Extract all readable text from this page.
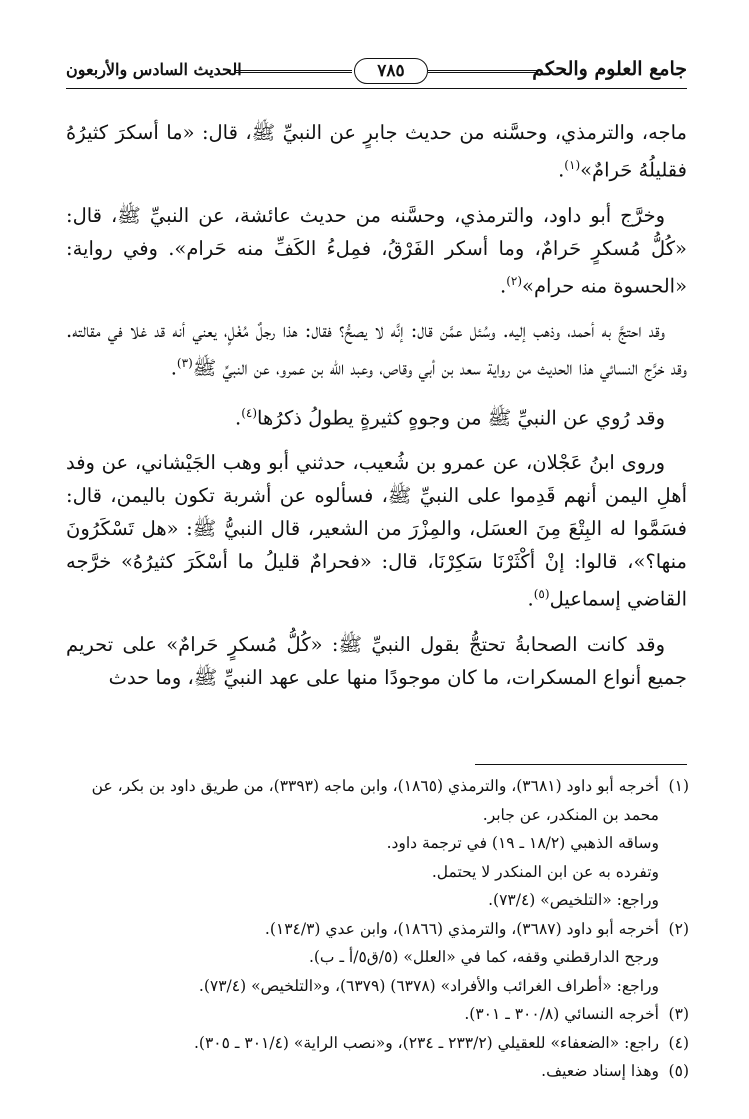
جامع العلوم والحكم
٧٨٥
الحديث السادس والأربعون

ماجه، والترمذي، وحسَّنه من حديث جابرٍ عن النبيِّ ﷺ، قال: «ما أسكرَ كثيرُهُ فقليلُهُ حَرامٌ»$^{(١)}$.

وخرَّج أبو داود، والترمذي، وحسَّنه من حديث عائشة، عن النبيِّ ﷺ، قال: «كُلُّ مُسكرٍ حَرامٌ، وما أسكر الفَرْقُ، فمِلءُ الكَفِّ منه حَرام». وفي رواية: «الحسوة منه حرام»$^{(٢)}$.

وقد احتجَّ به أحمد، وذهب إليه. وسُئل عمَّن قال: إنَّه لا يصحُّ؟ فقال: هذا رجلٌ مُغْلٍ، يعني أنه قد غلا في مقالته. وقد خرَّج النسائي هذا الحديث من رواية سعد بن أبي وقاص، وعبد الله بن عمرو، عن النبيِّ ﷺ$^{(٣)}$.

وقد رُوي عن النبيِّ ﷺ من وجوهٍ كثيرةٍ يطولُ ذكرُها$^{(٤)}$.

وروى ابنُ عَجْلان، عن عمرو بن شُعيب، حدثني أبو وهب الجَيْشاني، عن وفد أهلِ اليمن أنهم قَدِموا على النبيِّ ﷺ، فسألوه عن أشربة تكون باليمن، قال: فسَمَّوا له البِتْعَ مِنَ العسَل، والمِزْرَ من الشعير، قال النبيُّ ﷺ: «هل تَسْكَرُونَ منها؟»، قالوا: إنْ أكْثَرْنَا سَكِرْنَا، قال: «فحرامٌ قليلُ ما أسْكَرَ كثيرُهُ» خرَّجه القاضي إسماعيل$^{(٥)}$.

وقد كانت الصحابةُ تحتجُّ بقول النبيِّ ﷺ: «كُلُّ مُسكرٍ حَرامٌ» على تحريم جميع أنواع المسكرات، ما كان موجودًا منها على عهد النبيِّ ﷺ، وما حدث

(١)
أخرجه أبو داود (٣٦٨١)، والترمذي (١٨٦٥)، وابن ماجه (٣٣٩٣)، من طريق داود بن بكر، عن محمد بن المنكدر، عن جابر.
وساقه الذهبي (١٨/٢ ـ ١٩) في ترجمة داود.
وتفرده به عن ابن المنكدر لا يحتمل.
وراجع: «التلخيص» (٧٣/٤).
(٢)
أخرجه أبو داود (٣٦٨٧)، والترمذي (١٨٦٦)، وابن عدي (١٣٤/٣).
ورجح الدارقطني وقفه، كما في «العلل» (٥/ق٥/أ ـ ب).
وراجع: «أطراف الغرائب والأفراد» (٦٣٧٨) (٦٣٧٩)، و«التلخيص» (٧٣/٤).
(٣)
أخرجه النسائي (٣٠٠/٨ ـ ٣٠١).
(٤)
راجع: «الضعفاء» للعقيلي (٢٣٣/٢ ـ ٢٣٤)، و«نصب الراية» (٣٠١/٤ ـ ٣٠٥).
(٥)
وهذا إسناد ضعيف.
